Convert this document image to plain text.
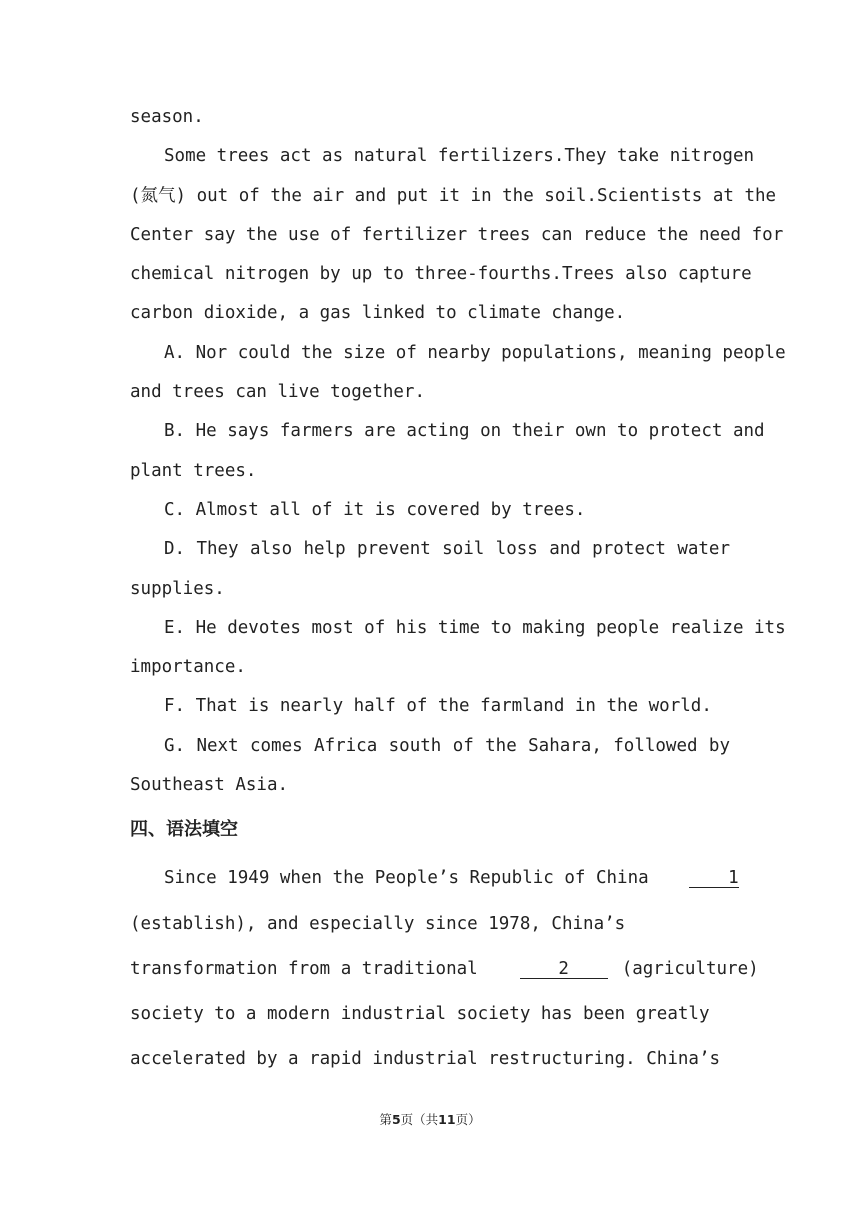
season.
Some trees act as natural fertilizers.They take nitrogen
(氮气) out of the air and put it in the soil.Scientists at the
Center say the use of fertilizer trees can reduce the need for
chemical nitrogen by up to three-fourths.Trees also capture
carbon dioxide, a gas linked to climate change.
A. Nor could the size of nearby populations, meaning people
and trees can live together.
B. He says farmers are acting on their own to protect and
plant trees.
C. Almost all of it is covered by trees.
D. They also help prevent soil loss and protect water
supplies.
E. He devotes most of his time to making people realize its
importance.
F. That is nearly half of the farmland in the world.
G. Next comes Africa south of the Sahara, followed by
Southeast Asia.
四、语法填空
Since 1949 when the People’s Republic of China	1
(establish), and especially since 1978, China’s
transformation from a traditional	2	(agriculture)
society to a modern industrial society has been greatly
accelerated by a rapid industrial restructuring. China’s
第5页（共11页）
